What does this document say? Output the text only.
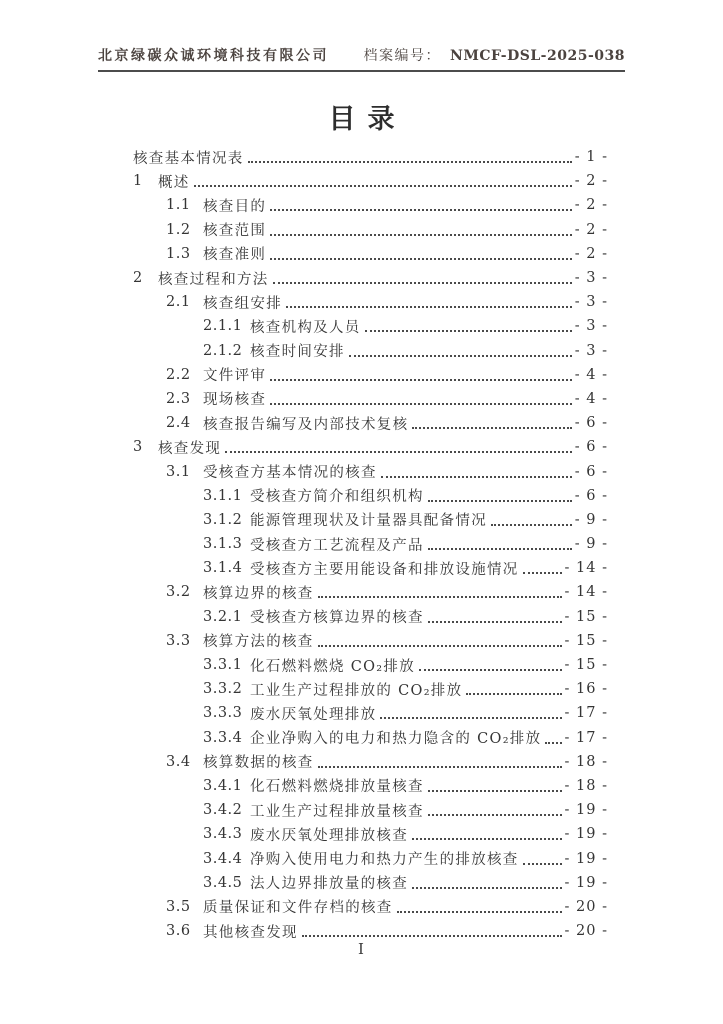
北京绿碳众诚环境科技有限公司 档案编号： NMCF-DSL-2025-038
目录
核查基本情况表	- 1 -
1	概述	- 2 -
1.1 核查目的	- 2 -
1.2 核查范围	- 2 -
1.3 核查准则	- 2 -
2	核查过程和方法	- 3 -
2.1 核查组安排	- 3 -
2.1.1 核查机构及人员	- 3 -
2.1.2 核查时间安排	- 3 -
2.2 文件评审	- 4 -
2.3 现场核查	- 4 -
2.4 核查报告编写及内部技术复核	- 6 -
3	核查发现	- 6 -
3.1 受核查方基本情况的核查	- 6 -
3.1.1 受核查方简介和组织机构	- 6 -
3.1.2 能源管理现状及计量器具配备情况	- 9 -
3.1.3 受核查方工艺流程及产品	- 9 -
3.1.4 受核查方主要用能设备和排放设施情况	- 14 -
3.2 核算边界的核查	- 14 -
3.2.1 受核查方核算边界的核查	- 15 -
3.3 核算方法的核查	- 15 -
3.3.1 化石燃料燃烧 CO₂排放	- 15 -
3.3.2 工业生产过程排放的 CO₂排放	- 16 -
3.3.3 废水厌氧处理排放	- 17 -
3.3.4 企业净购入的电力和热力隐含的 CO₂排放 - 17 -
3.4 核算数据的核查	- 18 -
3.4.1 化石燃料燃烧排放量核查	- 18 -
3.4.2 工业生产过程排放量核查	- 19 -
3.4.3 废水厌氧处理排放核查	- 19 -
3.4.4 净购入使用电力和热力产生的排放核查	- 19 -
3.4.5 法人边界排放量的核查	- 19 -
3.5 质量保证和文件存档的核查	- 20 -
3.6 其他核查发现	- 20 -
I
